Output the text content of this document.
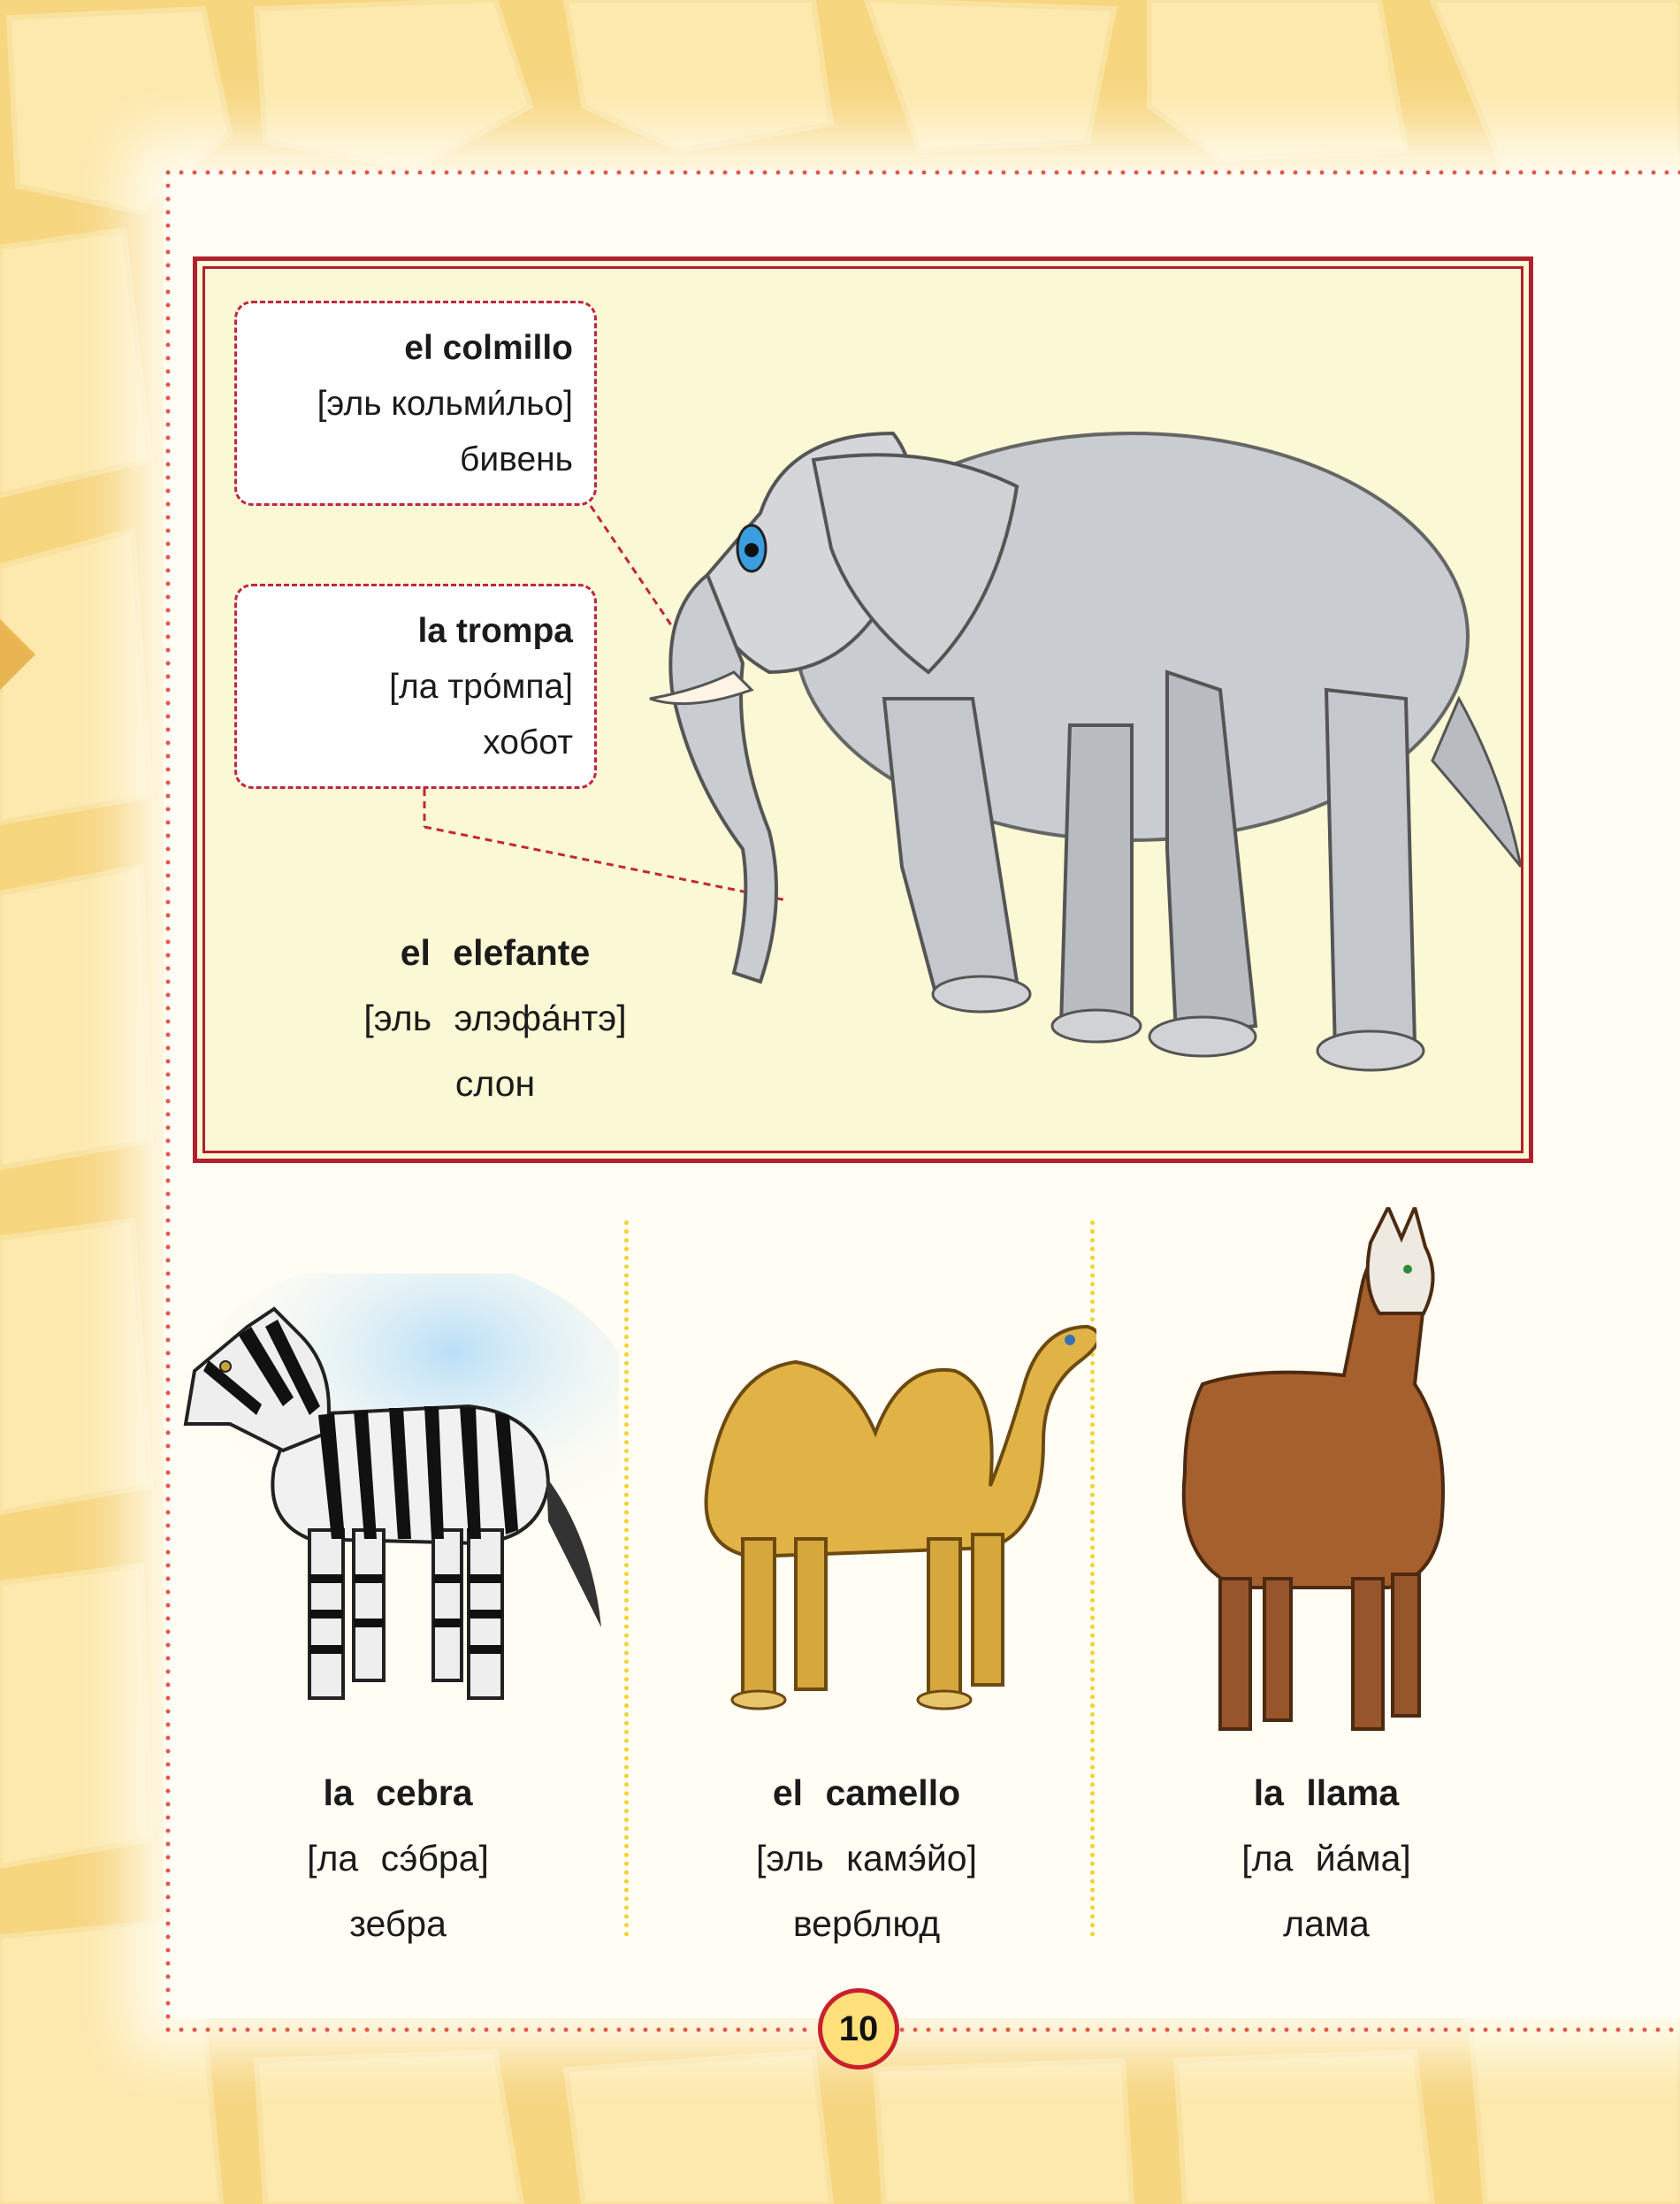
el colmillo
[эль кольми́льо]
бивень
la trompa
[ла тро́мпа]
хобот
el elefante
[эль элэфа́нтэ]
слон
la cebra
[ла сэ́бра]
зебра
el camello
[эль камэ́йо]
верблюд
la llama
[ла йа́ма]
лама
10
